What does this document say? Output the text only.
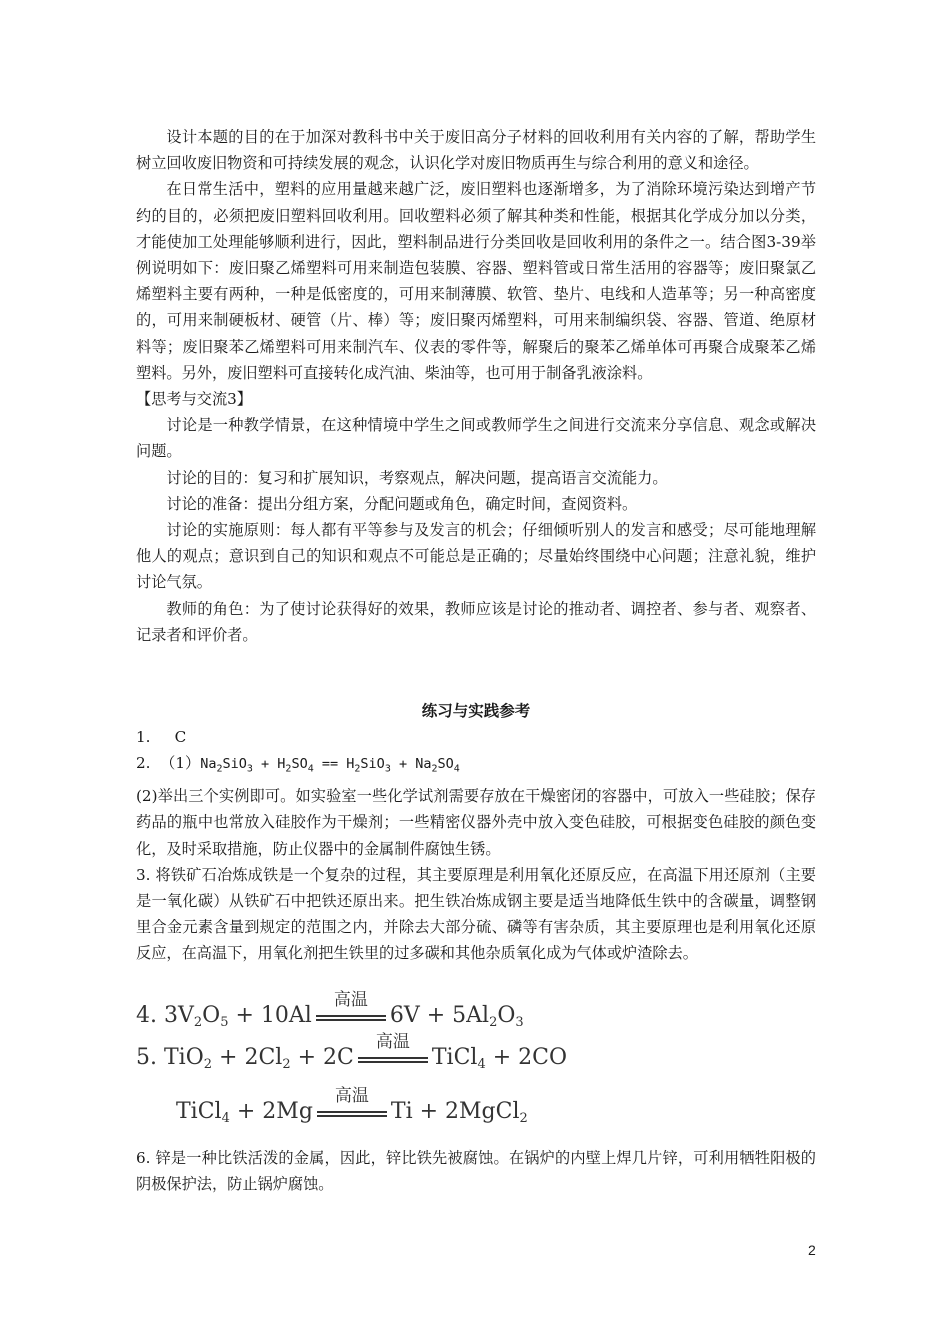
设计本题的目的在于加深对教科书中关于废旧高分子材料的回收利用有关内容的了解，帮助学生树立回收废旧物资和可持续发展的观念，认识化学对废旧物质再生与综合利用的意义和途径。

在日常生活中，塑料的应用量越来越广泛，废旧塑料也逐渐增多，为了消除环境污染达到增产节约的目的，必须把废旧塑料回收利用。回收塑料必须了解其种类和性能，根据其化学成分加以分类，才能使加工处理能够顺利进行，因此，塑料制品进行分类回收是回收利用的条件之一。结合图3-39举例说明如下：废旧聚乙烯塑料可用来制造包装膜、容器、塑料管或日常生活用的容器等；废旧聚氯乙烯塑料主要有两种，一种是低密度的，可用来制薄膜、软管、垫片、电线和人造革等；另一种高密度的，可用来制硬板材、硬管（片、棒）等；废旧聚丙烯塑料，可用来制编织袋、容器、管道、绝原材料等；废旧聚苯乙烯塑料可用来制汽车、仪表的零件等，解聚后的聚苯乙烯单体可再聚合成聚苯乙烯塑料。另外，废旧塑料可直接转化成汽油、柴油等，也可用于制备乳液涂料。

【思考与交流3】

讨论是一种教学情景，在这种情境中学生之间或教师学生之间进行交流来分享信息、观念或解决问题。

讨论的目的：复习和扩展知识，考察观点，解决问题，提高语言交流能力。

讨论的准备：提出分组方案，分配问题或角色，确定时间，查阅资料。

讨论的实施原则：每人都有平等参与及发言的机会；仔细倾听别人的发言和感受；尽可能地理解他人的观点；意识到自己的知识和观点不可能总是正确的；尽量始终围绕中心问题；注意礼貌，维护讨论气氛。

教师的角色：为了使讨论获得好的效果，教师应该是讨论的推动者、调控者、参与者、观察者、记录者和评价者。

练习与实践参考

1.     C

2.  $(1)Na_2SiO_3 + H_2SO_4 == H_2SiO_3 + Na_2SO_4$

(2)举出三个实例即可。如实验室一些化学试剂需要存放在干燥密闭的容器中，可放入一些硅胶；保存药品的瓶中也常放入硅胶作为干燥剂；一些精密仪器外壳中放入变色硅胶，可根据变色硅胶的颜色变化，及时采取措施，防止仪器中的金属制件腐蚀生锈。

3. 将铁矿石冶炼成铁是一个复杂的过程，其主要原理是利用氧化还原反应，在高温下用还原剂（主要是一氧化碳）从铁矿石中把铁还原出来。把生铁冶炼成钢主要是适当地降低生铁中的含碳量，调整钢里合金元素含量到规定的范围之内，并除去大部分硫、磷等有害杂质，其主要原理也是利用氧化还原反应，在高温下，用氧化剂把生铁里的过多碳和其他杂质氧化成为气体或炉渣除去。

4. $3V_2O_5 + 10Al$
高温
$6V + 5Al_2O_3$
5. $TiO_2 + 2Cl_2 + 2C$
高温
TiCl$_4$ + 2CO
TiCl$_4$ + 2Mg
高温
Ti + 2MgCl$_2$

6. 锌是一种比铁活泼的金属，因此，锌比铁先被腐蚀。在锅炉的内壁上焊几片锌，可利用牺牲阳极的阴极保护法，防止锅炉腐蚀。

2
